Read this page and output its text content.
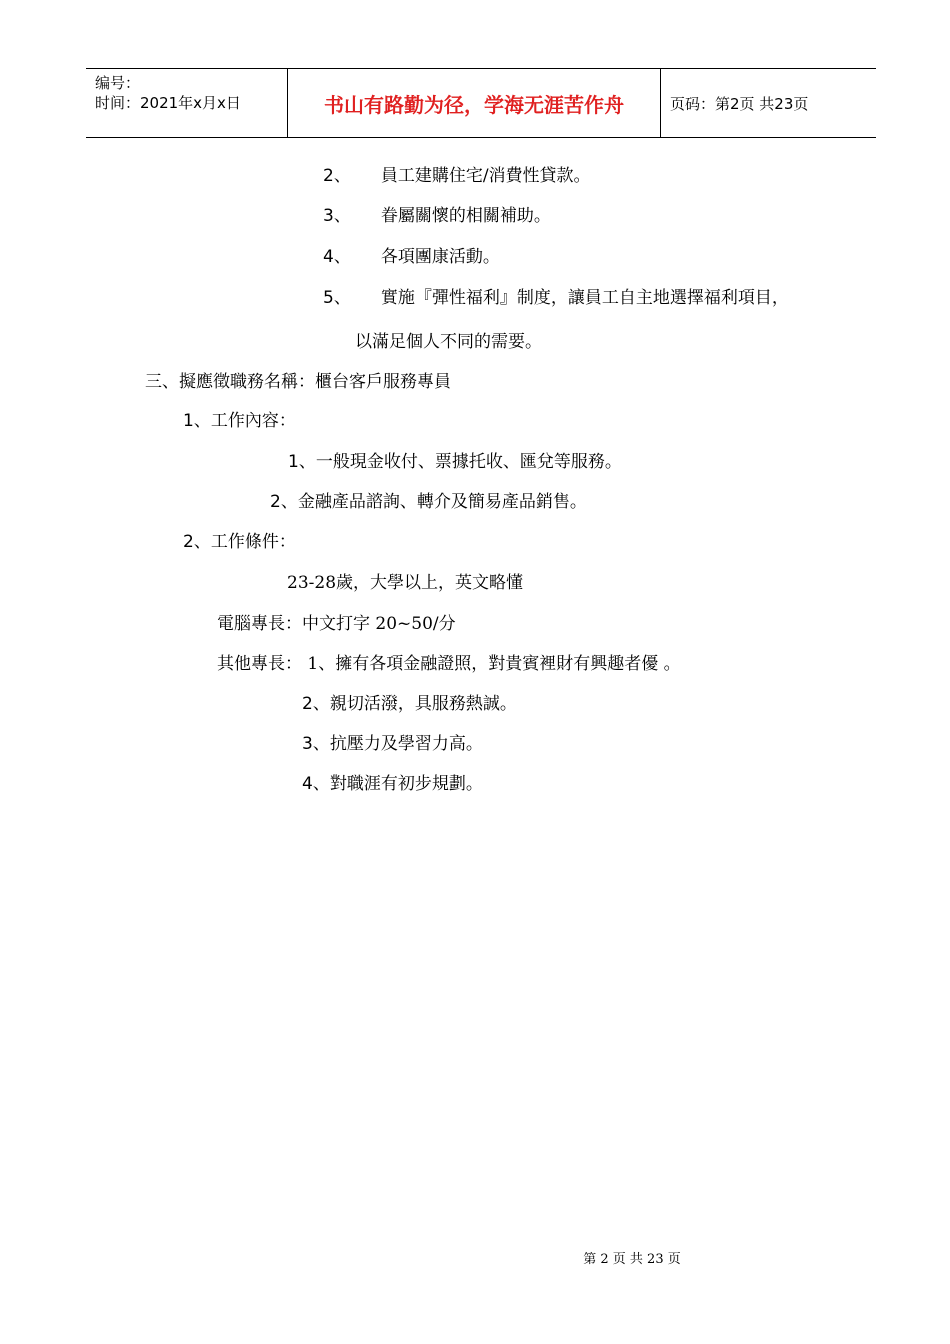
编号：
时间：2021年x月x日	书山有路勤为径，学海无涯苦作舟	页码：第2页 共23页
2、 員工建購住宅/消費性貸款。
3、 眷屬關懷的相關補助。
4、 各項團康活動。
5、 實施『彈性福利』制度，讓員工自主地選擇福利項目，
以滿足個人不同的需要。
三、擬應徵職務名稱：櫃台客戶服務專員
1、工作內容：
1、一般現金收付、票據托收、匯兌等服務。
2、金融產品諮詢、轉介及簡易產品銷售。
2、工作條件：
23-28歲，大學以上，英文略懂
電腦專長：中文打字 20~50/分
其他專長： 1、擁有各項金融證照，對貴賓裡財有興趣者優 。
2、親切活潑，具服務熱誠。
3、抗壓力及學習力高。
4、對職涯有初步規劃。
第 2 页 共 23 页
